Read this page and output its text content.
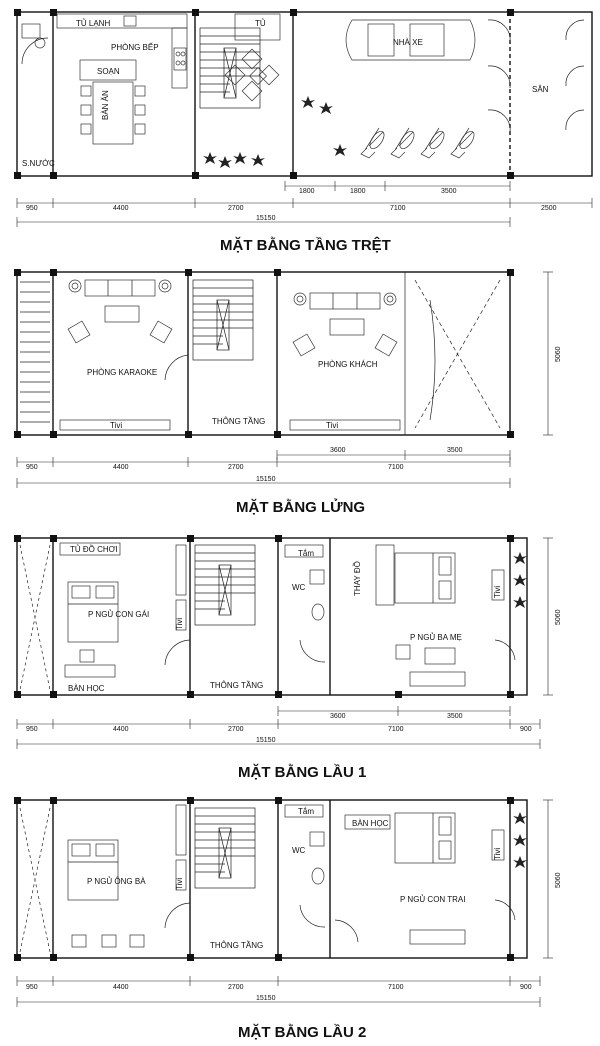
TỦ LẠNH
PHÒNG BẾP
SOẠN
BÀN ĂN
S.NƯỚC
TỦ
NHÀ XE
SÂN
1800	1800	3500
950	4400	2700	7100	2500
15150
MẶT BẰNG TẦNG TRỆT
PHÒNG KARAOKE
Tivi	THÔNG TẦNG
PHÒNG KHÁCH
Tivi
5060
3600	3500
950	4400	2700	7100
15150
MẶT BẰNG LỬNG
TỦ ĐỒ CHƠI
P NGỦ CON GÁI
Tivi
BÀN HỌC	THÔNG TẦNG
Tắm
WC	THAY ĐỒ
P NGỦ BA MẸ
Tivi
5060
3600	3500
950	4400	2700	7100	900
15150
MẶT BẰNG LẦU 1
P NGỦ ÔNG BÀ	Tivi
THÔNG TẦNG
Tắm
WC
BÀN HỌC
P NGỦ CON TRAI
Tivi
5060
950	4400	2700	7100	900
15150
MẶT BẰNG LẦU 2
